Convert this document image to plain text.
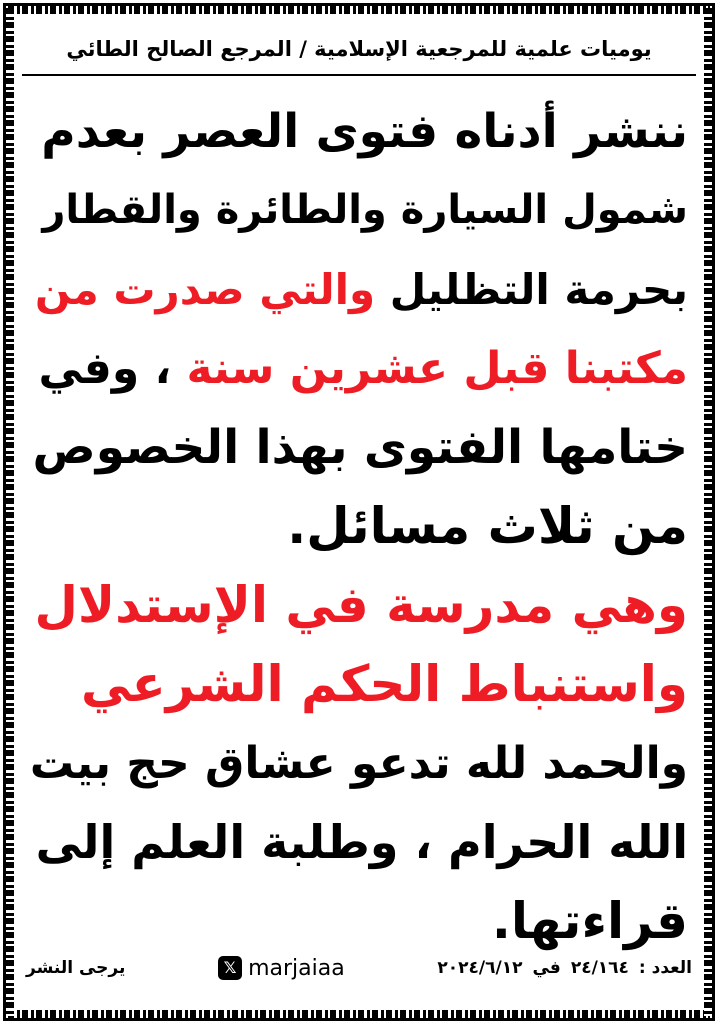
يوميات علمية للمرجعية الإسلامية / المرجع الصالح الطائي
ننشر أدناه فتوى العصر بعدم
شمول السيارة والطائرة والقطار
بحرمة التظليل والتي صدرت من
مكتبنا قبل عشرين سنة ، وفي
ختامها الفتوى بهذا الخصوص
من ثلاث مسائل.
وهي مدرسة في الإستدلال
واستنباط الحكم الشرعي
والحمد لله تدعو عشاق حج بيت
الله الحرام ، وطلبة العلم إلى
قراءتها.
العدد :
٢٤/١٦٤
في
٢٠٢٤/٦/١٢
𝕏 marjaiaa
يرجى النشر
